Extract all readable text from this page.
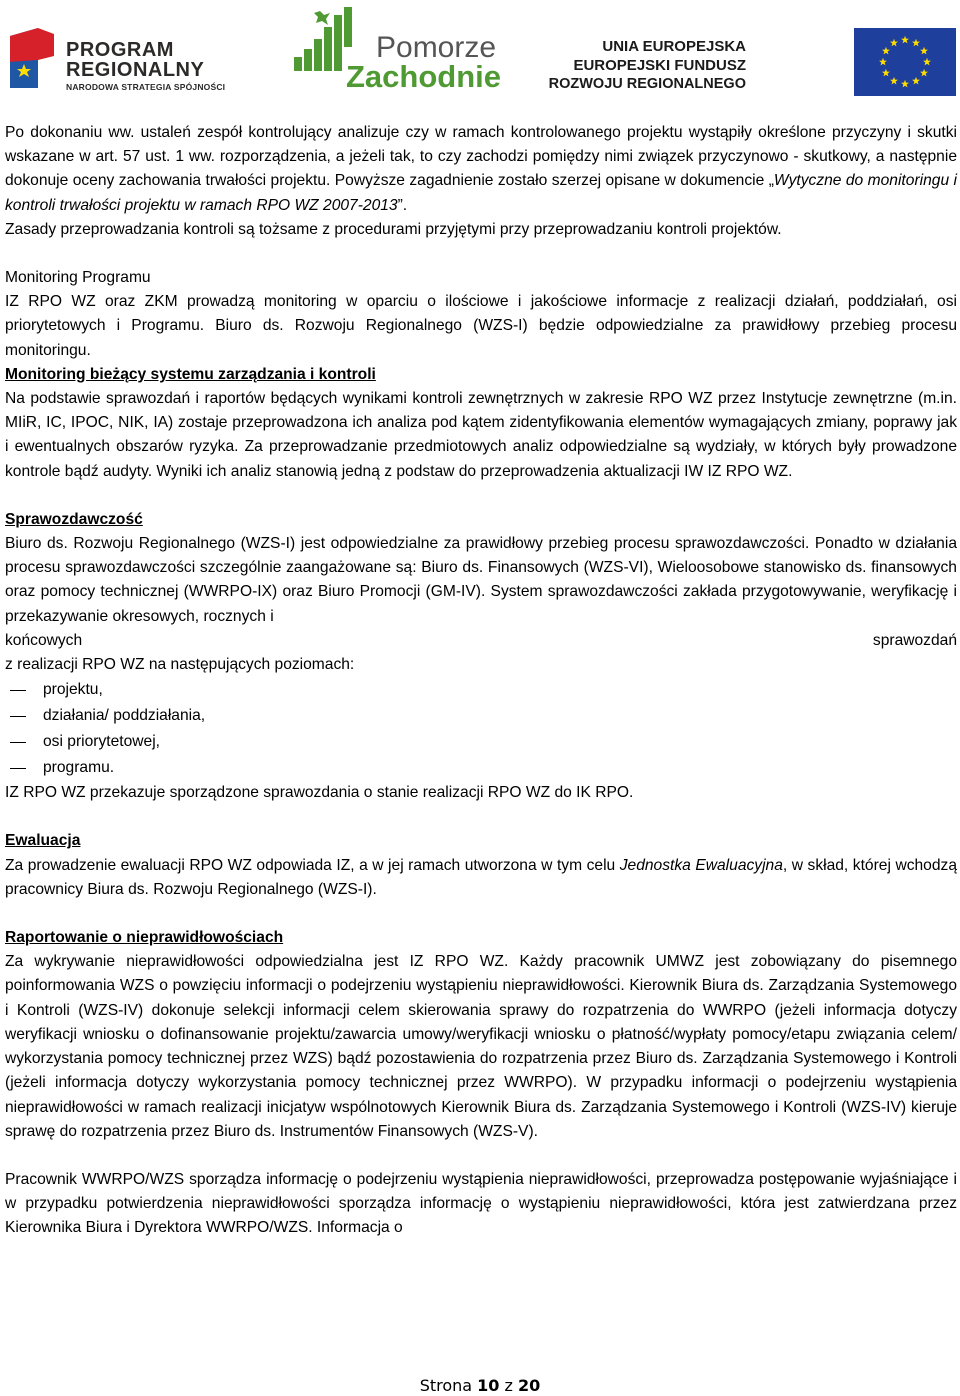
PROGRAM
REGIONALNY
NARODOWA STRATEGIA SPÓJNOŚCI
Pomorze
Zachodnie
UNIA EUROPEJSKA
EUROPEJSKI FUNDUSZ
ROZWOJU REGIONALNEGO

Po dokonaniu ww. ustaleń zespół kontrolujący analizuje czy w ramach kontrolowanego projektu wystąpiły określone przyczyny i skutki wskazane w art. 57 ust. 1 ww. rozporządzenia, a jeżeli tak, to czy zachodzi pomiędzy nimi związek przyczynowo - skutkowy, a następnie dokonuje oceny zachowania trwałości projektu. Powyższe zagadnienie zostało szerzej opisane w dokumencie „Wytyczne do monitoringu i kontroli trwałości projektu w ramach RPO WZ 2007-2013”.

Zasady przeprowadzania kontroli są tożsame z procedurami przyjętymi przy przeprowadzaniu kontroli projektów.

Monitoring Programu

IZ RPO WZ oraz ZKM prowadzą monitoring w oparciu o ilościowe i jakościowe informacje z realizacji działań, poddziałań, osi priorytetowych i Programu. Biuro ds. Rozwoju Regionalnego (WZS-I) będzie odpowiedzialne za prawidłowy przebieg procesu monitoringu.

Monitoring bieżący systemu zarządzania i kontroli

Na podstawie sprawozdań i raportów będących wynikami kontroli zewnętrznych w zakresie RPO WZ przez Instytucje zewnętrzne (m.in. MIiR, IC, IPOC, NIK, IA) zostaje przeprowadzona ich analiza pod kątem zidentyfikowania elementów wymagających zmiany, poprawy jak i ewentualnych obszarów ryzyka. Za przeprowadzanie przedmiotowych analiz odpowiedzialne są wydziały, w których były prowadzone kontrole bądź audyty. Wyniki ich analiz stanowią jedną z podstaw do przeprowadzenia aktualizacji IW IZ RPO WZ.

Sprawozdawczość

Biuro ds. Rozwoju Regionalnego (WZS-I) jest odpowiedzialne za prawidłowy przebieg procesu sprawozdawczości. Ponadto w działania procesu sprawozdawczości szczególnie zaangażowane są: Biuro ds. Finansowych (WZS-VI), Wieloosobowe stanowisko ds. finansowych oraz pomocy technicznej (WWRPO-IX) oraz Biuro Promocji (GM-IV). System sprawozdawczości zakłada przygotowywanie, weryfikację i przekazywanie okresowych, rocznych i

końcowych	sprawozdań

z realizacji RPO WZ na następujących poziomach:

projektu,
działania/ poddziałania,
osi priorytetowej,
programu.

IZ RPO WZ przekazuje sporządzone sprawozdania o stanie realizacji RPO WZ do IK RPO.

Ewaluacja

Za prowadzenie ewaluacji RPO WZ odpowiada IZ, a w jej ramach utworzona w tym celu Jednostka Ewaluacyjna, w skład, której wchodzą pracownicy Biura ds. Rozwoju Regionalnego (WZS-I).

Raportowanie o nieprawidłowościach

Za wykrywanie nieprawidłowości odpowiedzialna jest IZ RPO WZ. Każdy pracownik UMWZ jest zobowiązany do pisemnego poinformowania WZS o powzięciu informacji o podejrzeniu wystąpieniu nieprawidłowości. Kierownik Biura ds. Zarządzania Systemowego i Kontroli (WZS-IV) dokonuje selekcji informacji celem skierowania sprawy do rozpatrzenia do WWRPO (jeżeli informacja dotyczy weryfikacji wniosku o dofinansowanie projektu/zawarcia umowy/weryfikacji wniosku o płatność/wypłaty pomocy/etapu związania celem/ wykorzystania pomocy technicznej przez WZS) bądź pozostawienia do rozpatrzenia przez Biuro ds. Zarządzania Systemowego i Kontroli (jeżeli informacja dotyczy wykorzystania pomocy technicznej przez WWRPO). W przypadku informacji o podejrzeniu wystąpienia nieprawidłowości w ramach realizacji inicjatyw wspólnotowych Kierownik Biura ds. Zarządzania Systemowego i Kontroli (WZS-IV) kieruje sprawę do rozpatrzenia przez Biuro ds. Instrumentów Finansowych (WZS-V).

Pracownik WWRPO/WZS sporządza informację o podejrzeniu wystąpienia nieprawidłowości, przeprowadza postępowanie wyjaśniające i w przypadku potwierdzenia nieprawidłowości sporządza informację o wystąpieniu nieprawidłowości, która jest zatwierdzana przez Kierownika Biura i Dyrektora WWRPO/WZS. Informacja o

Strona 10 z 20
